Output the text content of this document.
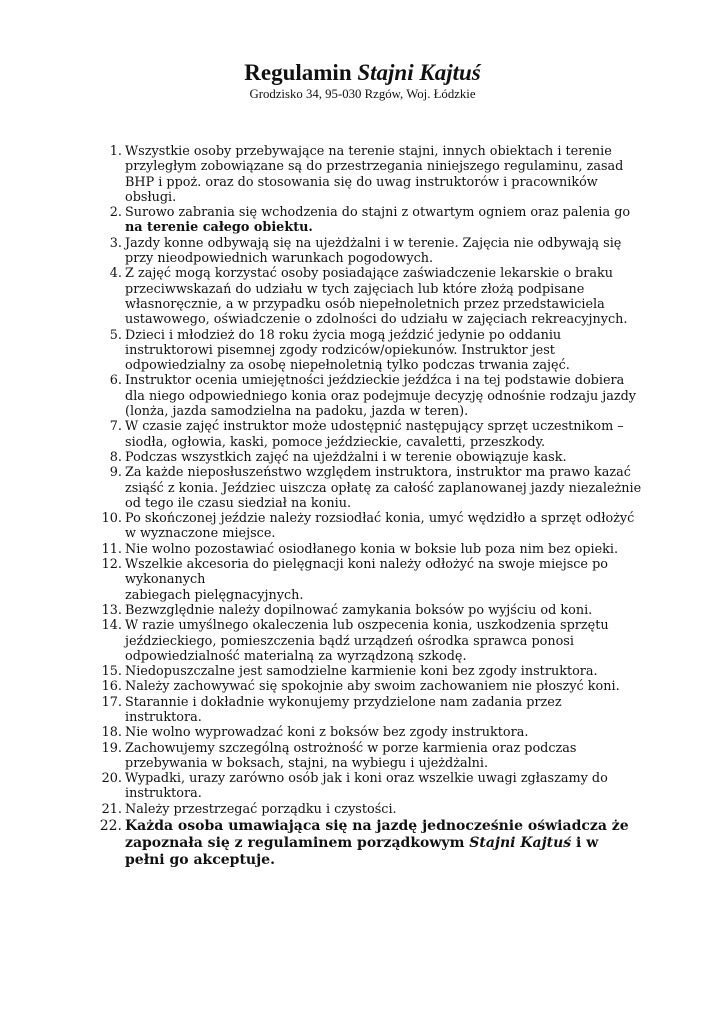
Regulamin Stajni Kajtuś
Grodzisko 34, 95-030 Rzgów, Woj. Łódzkie
1. Wszystkie osoby przebywające na terenie stajni, innych obiektach i terenie przyległym zobowiązane są do przestrzegania niniejszego regulaminu, zasad BHP i ppoż. oraz do stosowania się do uwag instruktorów i pracowników obsługi.
2. Surowo zabrania się wchodzenia do stajni z otwartym ogniem oraz palenia go na terenie całego obiektu.
3. Jazdy konne odbywają się na ujeżdżalni i w terenie. Zajęcia nie odbywają się przy nieodpowiednich warunkach pogodowych.
4. Z zajęć mogą korzystać osoby posiadające zaświadczenie lekarskie o braku przeciwwskazań do udziału w tych zajęciach lub które złożą podpisane własnoręcznie, a w przypadku osób niepełnoletnich przez przedstawiciela ustawowego, oświadczenie o zdolności do udziału w zajęciach rekreacyjnych.
5. Dzieci i młodzież do 18 roku życia mogą jeździć jedynie po oddaniu instruktorowi pisemnej zgody rodziców/opiekunów. Instruktor jest odpowiedzialny za osobę niepełnoletnią tylko podczas trwania zajęć.
6. Instruktor ocenia umiejętności jeździeckie jeźdźca i na tej podstawie dobiera dla niego odpowiedniego konia oraz podejmuje decyzję odnośnie rodzaju jazdy (lonża, jazda samodzielna na padoku, jazda w teren).
7. W czasie zajęć instruktor może udostępnić następujący sprzęt uczestnikom – siodła, ogłowia, kaski, pomoce jeździeckie, cavaletti, przeszkody.
8. Podczas wszystkich zajęć na ujeżdżalni i w terenie obowiązuje kask.
9. Za każde nieposłuszeństwo względem instruktora, instruktor ma prawo kazać zsiąść z konia. Jeździec uiszcza opłatę za całość zaplanowanej jazdy niezależnie od tego ile czasu siedział na koniu.
10. Po skończonej jeździe należy rozsiodłać konia, umyć wędzidło a sprzęt odłożyć w wyznaczone miejsce.
11. Nie wolno pozostawiać osiodłanego konia w boksie lub poza nim bez opieki.
12. Wszelkie akcesoria do pielęgnacji koni należy odłożyć na swoje miejsce po wykonanych
zabiegach pielęgnacyjnych.
13. Bezwzględnie należy dopilnować zamykania boksów po wyjściu od koni.
14. W razie umyślnego okaleczenia lub oszpecenia konia, uszkodzenia sprzętu jeździeckiego, pomieszczenia bądź urządzeń ośrodka sprawca ponosi odpowiedzialność materialną za wyrządzoną szkodę.
15. Niedopuszczalne jest samodzielne karmienie koni bez zgody instruktora.
16. Należy zachowywać się spokojnie aby swoim zachowaniem nie płoszyć koni.
17. Starannie i dokładnie wykonujemy przydzielone nam zadania przez instruktora.
18. Nie wolno wyprowadzać koni z boksów bez zgody instruktora.
19. Zachowujemy szczególną ostrożność w porze karmienia oraz podczas przebywania w boksach, stajni, na wybiegu i ujeżdżalni.
20. Wypadki, urazy zarówno osób jak i koni oraz wszelkie uwagi zgłaszamy do instruktora.
21. Należy przestrzegać porządku i czystości.
22. Każda osoba umawiająca się na jazdę jednocześnie oświadcza że zapoznała się z regulaminem porządkowym Stajni Kajtuś i w pełni go akceptuje.
